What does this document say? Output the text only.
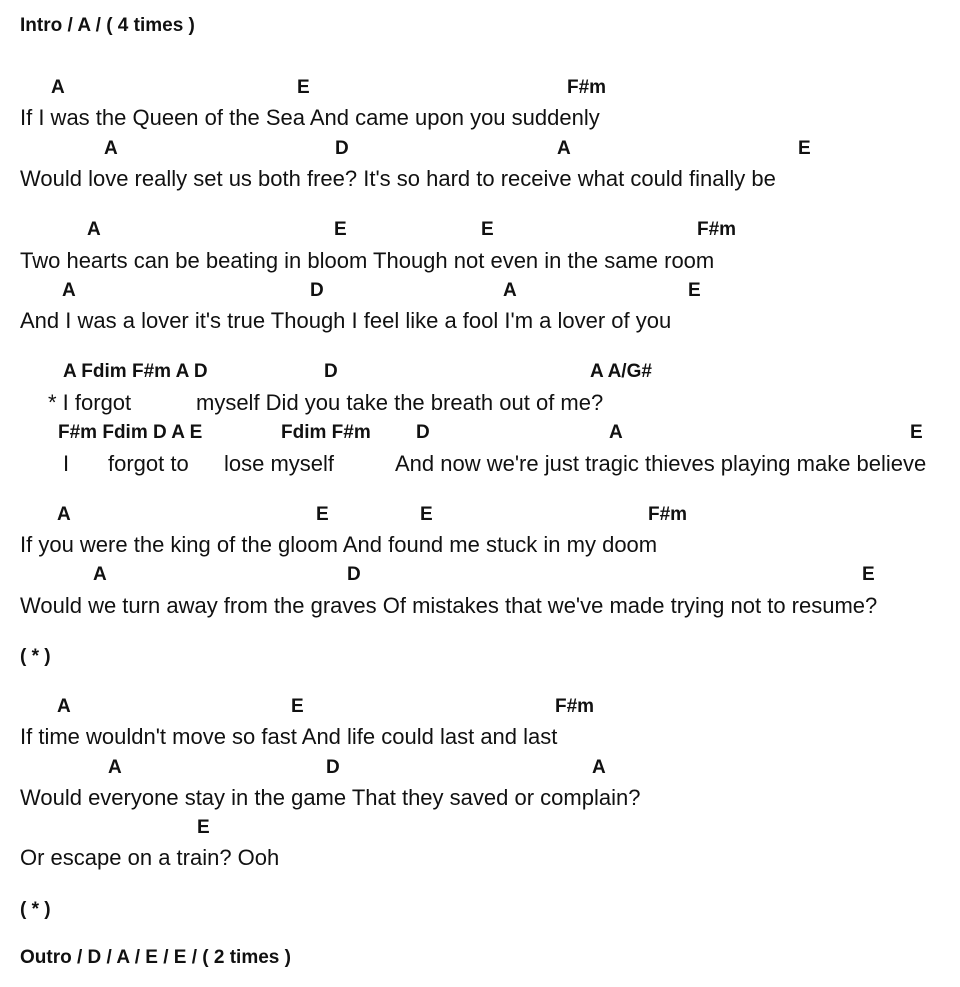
Intro / A / ( 4 times )
A	E	F#m
If I was the Queen of the Sea And came upon you suddenly
A	D	A	E
Would love really set us both free? It's so hard to receive what could finally be
A	E	E	F#m
Two hearts can be beating in bloom Though not even in the same room
A	D	A	E
And I was a lover it's true Though I feel like a fool I'm a lover of you
A Fdim F#m A D	D	A A/G#
* I forgot	myself Did you take the breath out of me?
F#m Fdim D A E	Fdim F#m D	A	E
I forgot to lose myself	And now we're just tragic thieves playing make believe
A	E	E	F#m
If you were the king of the gloom And found me stuck in my doom
A	D	E
Would we turn away from the graves Of mistakes that we've made trying not to resume?
( * )
A	E	F#m
If time wouldn't move so fast And life could last and last
A	D	A
Would everyone stay in the game That they saved or complain?
E
Or escape on a train? Ooh
( * )
Outro / D / A / E / E / ( 2 times )
